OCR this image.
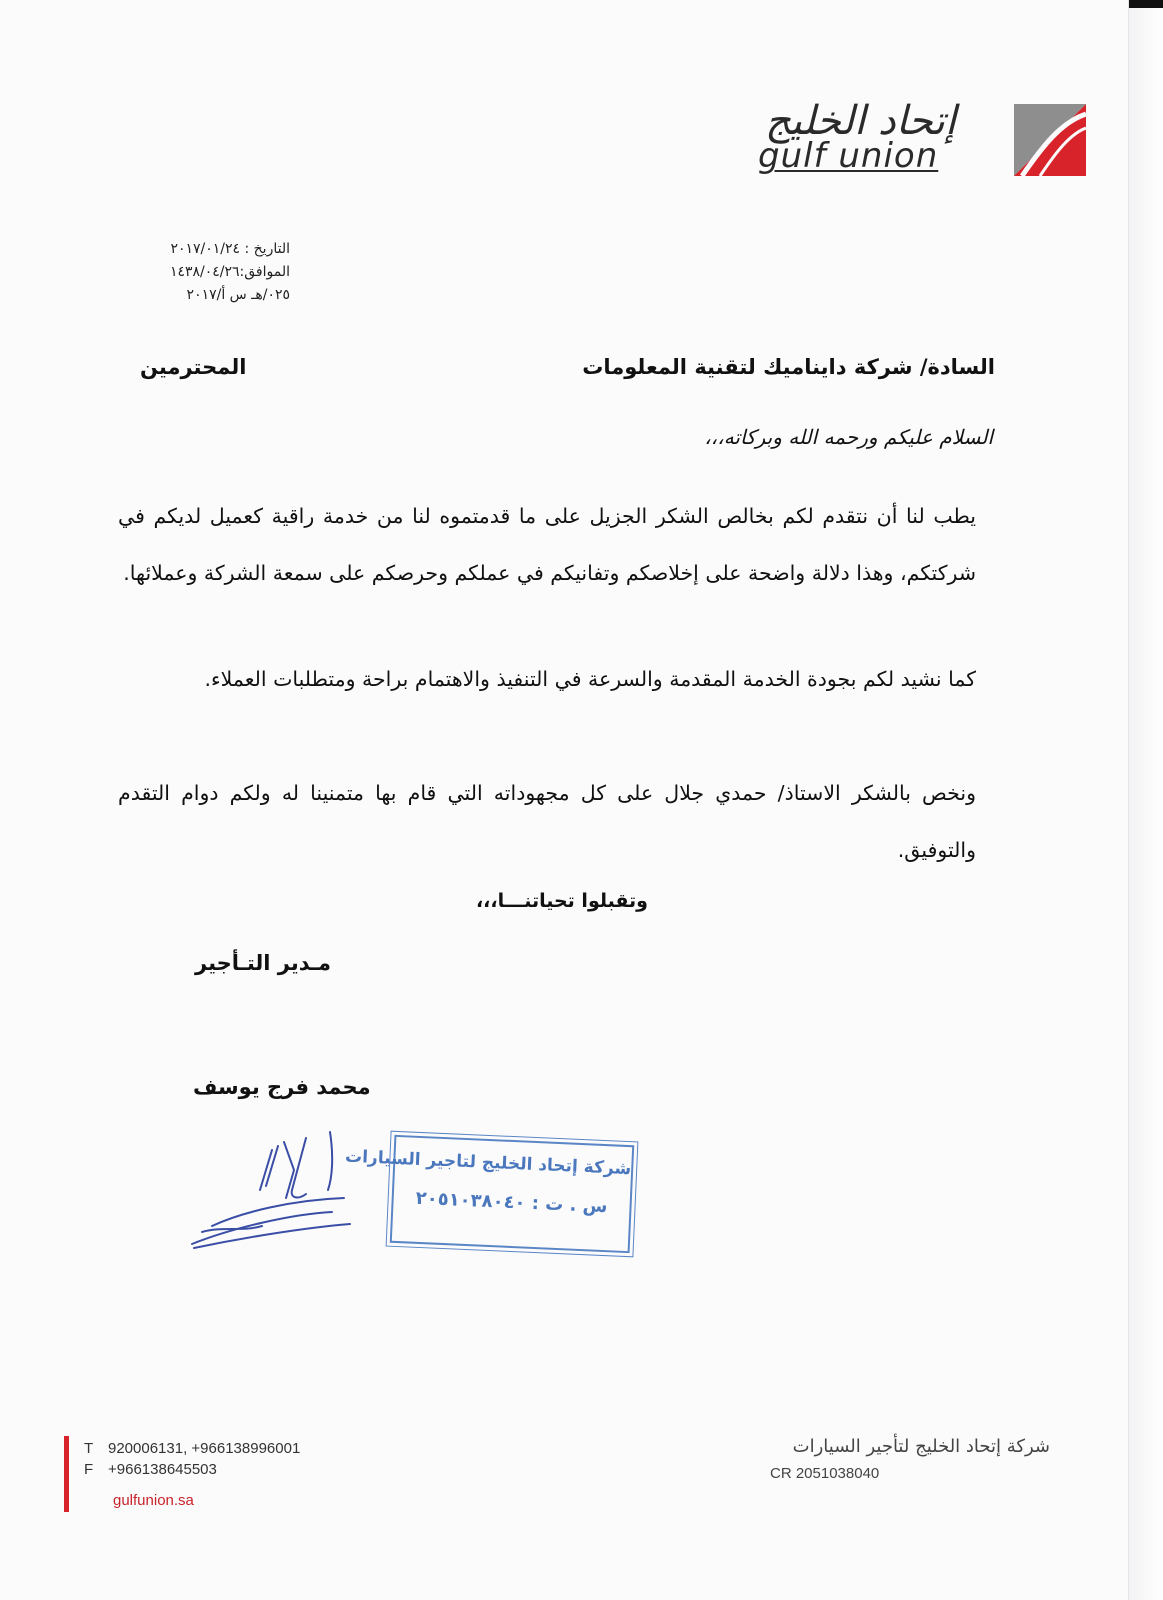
إتحاد الخليج
gulf union
التاريخ : ٢٠١٧/٠١/٢٤
الموافق:١٤٣٨/٠٤/٢٦
٠٢٥/هـ س أ/٢٠١٧
السادة/ شركة دايناميك لتقنية المعلومات
المحترمين
السلام عليكم ورحمه الله وبركاته،،،
يطب لنا أن نتقدم لكم بخالص الشكر الجزيل على ما قدمتموه لنا من خدمة راقية كعميل لديكم في شركتكم، وهذا دلالة واضحة على إخلاصكم وتفانيكم في عملكم وحرصكم على سمعة الشركة وعملائها.
كما نشيد لكم بجودة الخدمة المقدمة والسرعة في التنفيذ والاهتمام براحة ومتطلبات العملاء.
ونخص بالشكر الاستاذ/ حمدي جلال على كل مجهوداته التي قام بها متمنينا له ولكم دوام التقدم والتوفيق.
وتقبلوا تحياتنـــا،،،
مـدير التـأجير
محمد فرج يوسف
شركة إتحاد الخليج لتاجير السيارات
س . ت : ٢٠٥١٠٣٨٠٤٠
T 920006131, +966138996001
F +966138645503
gulfunion.sa
شركة إتحاد الخليج لتأجير السيارات
CR 2051038040
